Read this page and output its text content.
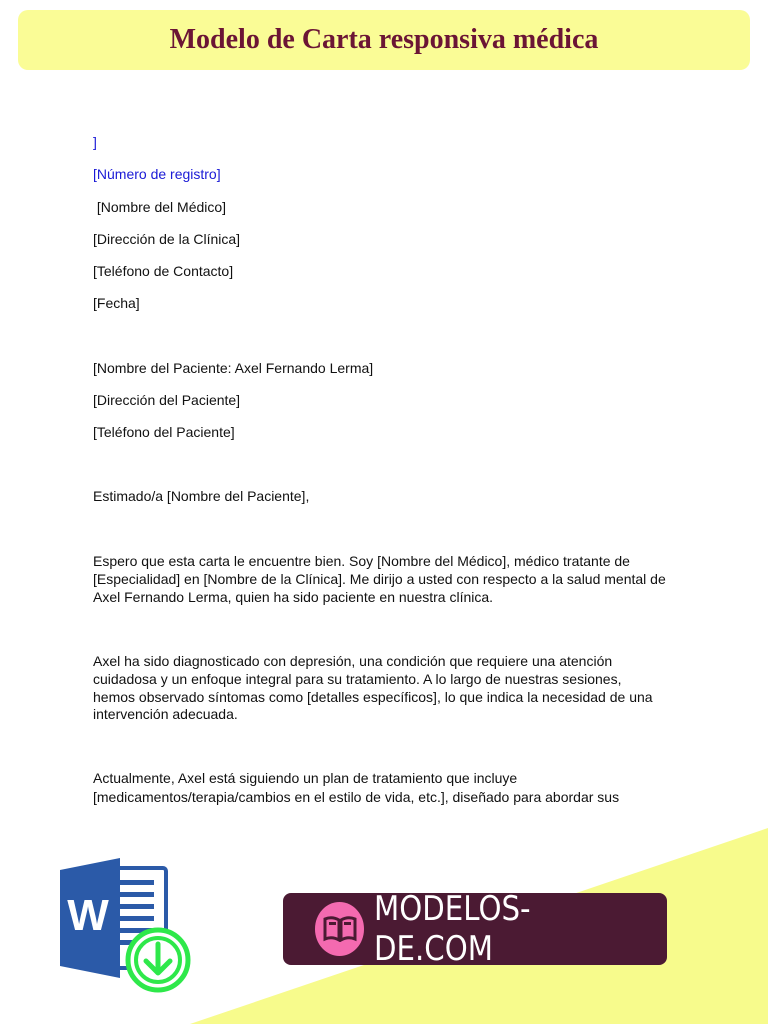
Modelo de Carta responsiva médica
]
[Número de registro]
[Nombre del Médico]
[Dirección de la Clínica]
[Teléfono de Contacto]
[Fecha]
[Nombre del Paciente: Axel Fernando Lerma]
[Dirección del Paciente]
[Teléfono del Paciente]
Estimado/a [Nombre del Paciente],
Espero que esta carta le encuentre bien. Soy [Nombre del Médico], médico tratante de
[Especialidad] en [Nombre de la Clínica]. Me dirijo a usted con respecto a la salud mental de
Axel Fernando Lerma, quien ha sido paciente en nuestra clínica.
Axel ha sido diagnosticado con depresión, una condición que requiere una atención
cuidadosa y un enfoque integral para su tratamiento. A lo largo de nuestras sesiones,
hemos observado síntomas como [detalles específicos], lo que indica la necesidad de una
intervención adecuada.
Actualmente, Axel está siguiendo un plan de tratamiento que incluye
[medicamentos/terapia/cambios en el estilo de vida, etc.], diseñado para abordar sus
W	MODELOS-DE.COM
